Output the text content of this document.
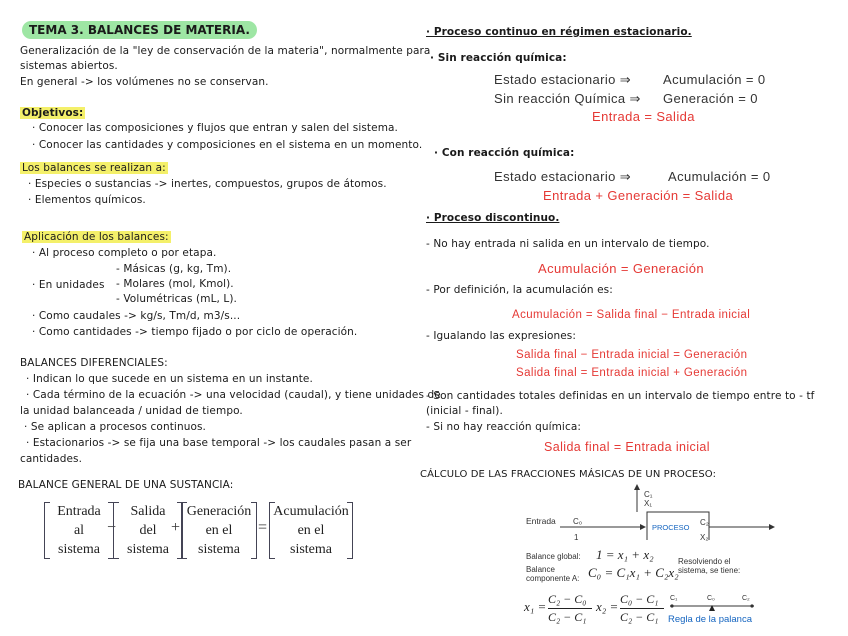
TEMA 3. BALANCES DE MATERIA.
Generalización de la "ley de conservación de la materia", normalmente para
sistemas abiertos.
En general -> los volúmenes no se conservan.
Objetivos:
· Conocer las composiciones y flujos que entran y salen del sistema.
· Conocer las cantidades y composiciones en el sistema en un momento.
Los balances se realizan a:
· Especies o sustancias -> inertes, compuestos, grupos de átomos.
· Elementos químicos.
Aplicación de los balances:
· Al proceso completo o por etapa.
- Másicas (g, kg, Tm).
· En unidades - Molares (mol, Kmol).
- Volumétricas (mL, L).
· Como caudales -> kg/s, Tm/d, m3/s...
· Como cantidades -> tiempo fijado o por ciclo de operación.
BALANCES DIFERENCIALES:
· Indican lo que sucede en un sistema en un instante.
· Cada término de la ecuación -> una velocidad (caudal), y tiene unidades de
la unidad balanceada / unidad de tiempo.
· Se aplican a procesos continuos.
· Estacionarios -> se fija una base temporal -> los caudales pasan a ser
cantidades.
BALANCE GENERAL DE UNA SUSTANCIA:
Entrada
al
sistema
−
Salida
del
sistema
+
Generación
en el
sistema
=
Acumulación
en el
sistema
· Proceso continuo en régimen estacionario.
· Sin reacción química:
Estado estacionario ⇒ Acumulación = 0
Sin reacción Química ⇒ Generación = 0
Entrada = Salida
· Con reacción química:
Estado estacionario ⇒	Acumulación = 0
Entrada + Generación = Salida
· Proceso discontinuo.
- No hay entrada ni salida en un intervalo de tiempo.
Acumulación = Generación
- Por definición, la acumulación es:
Acumulación = Salida final − Entrada inicial
- Igualando las expresiones:
Salida final − Entrada inicial = Generación
Salida final = Entrada inicial + Generación
- Son cantidades totales definidas en un intervalo de tiempo entre to - tf
(inicial - final).
- Si no hay reacción química:
Salida final = Entrada inicial
CÁLCULO DE LAS FRACCIONES MÁSICAS DE UN PROCESO:
Entrada C₀
1
PROCESO
C₁
X₁
C₂
X₂
Balance global: 1 = x₁ + x₂
Balance
componente A: C₀ = C₁x₁ + C₂x₂
Resolviendo el
sistema, se tiene:
x₁ = C₂ − C₀
C₂ − C₁
x₂ = C₀ − C₁
C₂ − C₁
C₁	C₀	C₂
Regla de la palanca
